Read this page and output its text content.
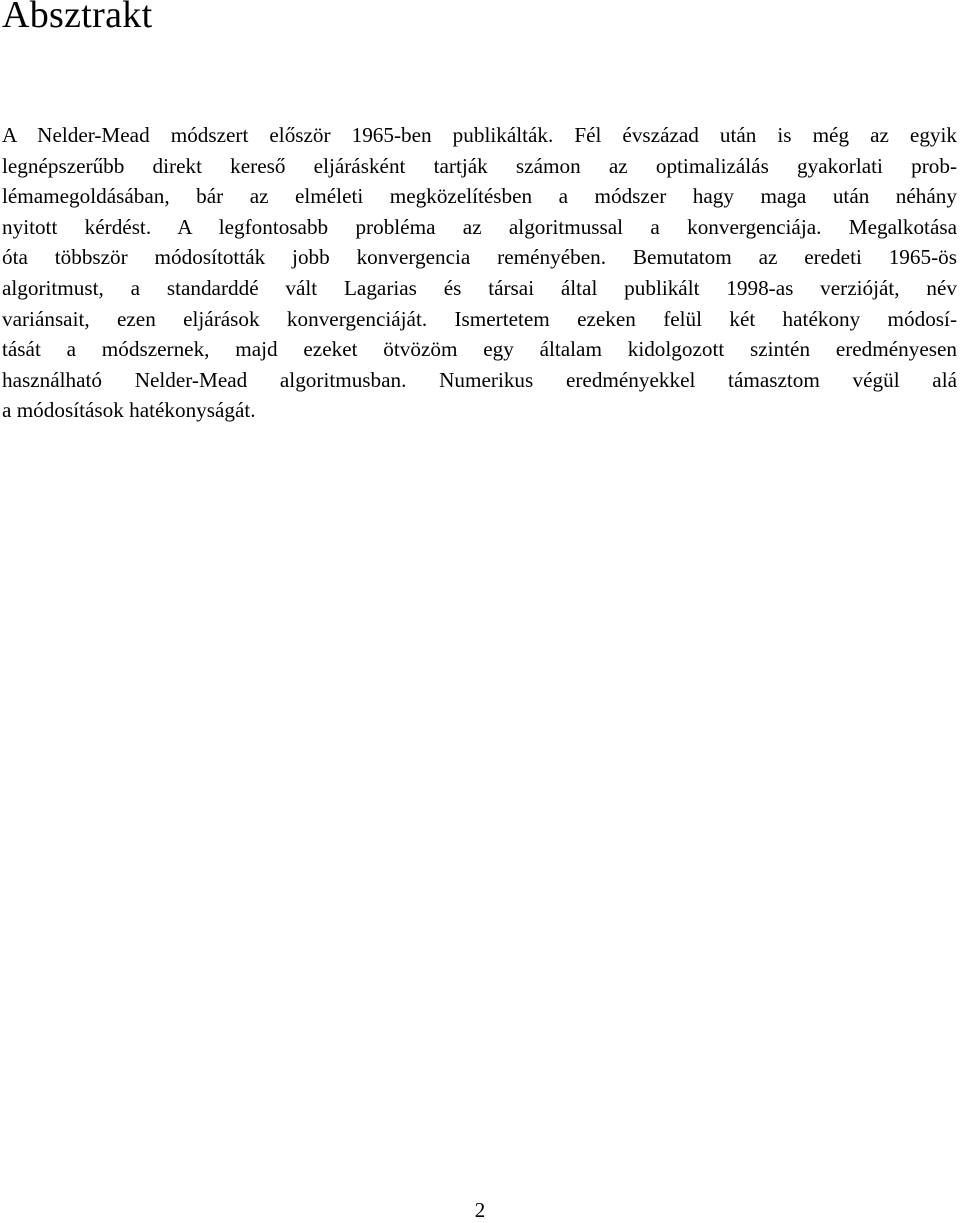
Absztrakt
A Nelder-Mead módszert először 1965-ben publikálták. Fél évszázad után is még az egyik
legnépszerűbb direkt kereső eljárásként tartják számon az optimalizálás gyakorlati prob-
lémamegoldásában, bár az elméleti megközelítésben a módszer hagy maga után néhány
nyitott kérdést. A legfontosabb probléma az algoritmussal a konvergenciája. Megalkotása
óta többször módosították jobb konvergencia reményében. Bemutatom az eredeti 1965-ös
algoritmust, a standarddé vált Lagarias és társai által publikált 1998-as verzióját, név
variánsait, ezen eljárások konvergenciáját. Ismertetem ezeken felül két hatékony módosí-
tását a módszernek, majd ezeket ötvözöm egy általam kidolgozott szintén eredményesen
használható Nelder-Mead algoritmusban. Numerikus eredményekkel támasztom végül alá
a módosítások hatékonyságát.

2
